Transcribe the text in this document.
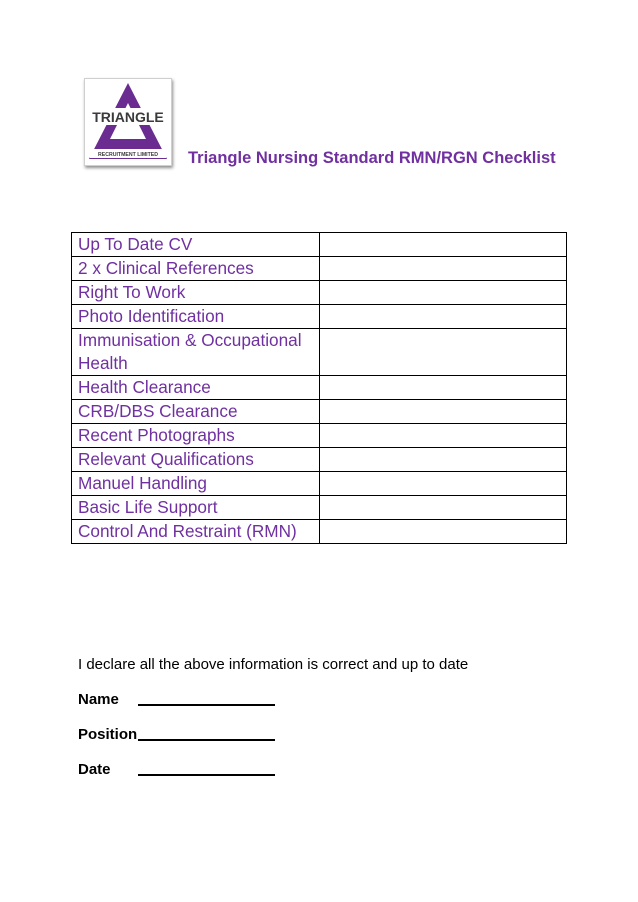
TRIANGLE
RECRUITMENT LIMITED Triangle Nursing Standard RMN/RGN Checklist
Up To Date CV	
2 x Clinical References	
Right To Work	
Photo Identification	
Immunisation & Occupational Health	
Health Clearance	
CRB/DBS Clearance	
Recent Photographs	
Relevant Qualifications	
Manuel Handling	
Basic Life Support	
Control And Restraint (RMN)	
I declare all the above information is correct and up to date
Name
Position
Date
